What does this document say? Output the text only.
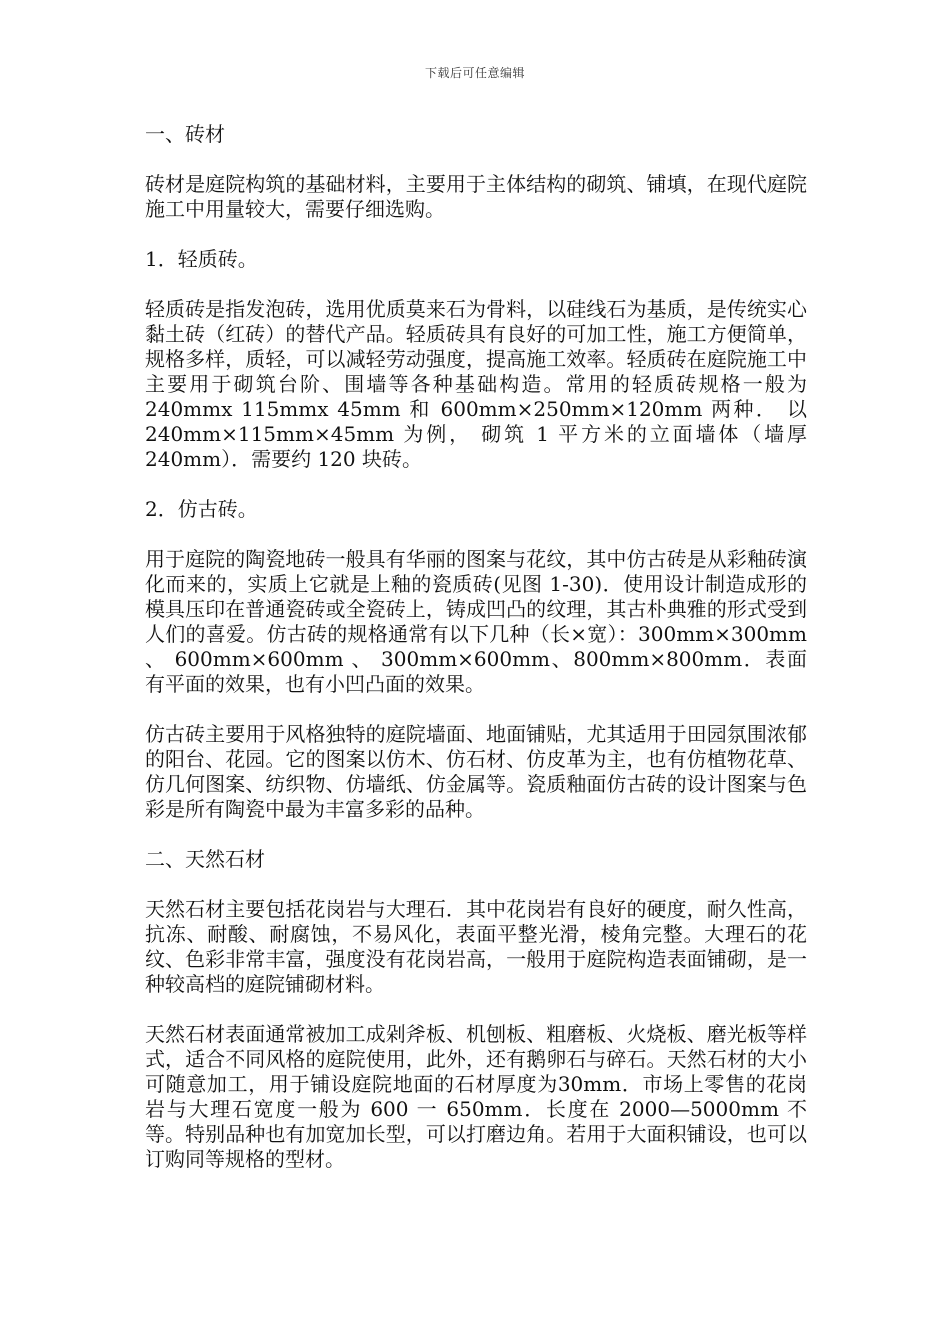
下载后可任意编辑
一、砖材
砖材是庭院构筑的基础材料，主要用于主体结构的砌筑、铺填，在现代庭院施工中用量较大，需要仔细选购。
1．轻质砖。
轻质砖是指发泡砖，选用优质莫来石为骨料，以硅线石为基质，是传统实心黏土砖（红砖）的替代产品。轻质砖具有良好的可加工性，施工方便简单，规格多样，质轻，可以减轻劳动强度，提高施工效率。轻质砖在庭院施工中主要用于砌筑台阶、围墙等各种基础构造。常用的轻质砖规格一般为 240mmx 115mmx 45mm 和 600mm×250mm×120mm 两种． 以 240mm×115mm×45mm 为例， 砌筑 1 平方米的立面墙体（墙厚 240mm）．需要约 120 块砖。
2．仿古砖。
用于庭院的陶瓷地砖一般具有华丽的图案与花纹，其中仿古砖是从彩釉砖演化而来的，实质上它就是上釉的瓷质砖(见图 1-30)．使用设计制造成形的模具压印在普通瓷砖或全瓷砖上，铸成凹凸的纹理，其古朴典雅的形式受到人们的喜爱。仿古砖的规格通常有以下几种（长×宽）：300mm×300mm 、 600mm×600mm 、 300mm×600mm、800mm×800mm．表面有平面的效果，也有小凹凸面的效果。
仿古砖主要用于风格独特的庭院墙面、地面铺贴，尤其适用于田园氛围浓郁的阳台、花园。它的图案以仿木、仿石材、仿皮革为主，也有仿植物花草、仿几何图案、纺织物、仿墙纸、仿金属等。瓷质釉面仿古砖的设计图案与色彩是所有陶瓷中最为丰富多彩的品种。
二、天然石材
天然石材主要包括花岗岩与大理石．其中花岗岩有良好的硬度，耐久性高，抗冻、耐酸、耐腐蚀，不易风化，表面平整光滑，棱角完整。大理石的花纹、色彩非常丰富，强度没有花岗岩高，一般用于庭院构造表面铺砌，是一种较高档的庭院铺砌材料。
天然石材表面通常被加工成剁斧板、机刨板、粗磨板、火烧板、磨光板等样式，适合不同风格的庭院使用，此外，还有鹅卵石与碎石。天然石材的大小可随意加工，用于铺设庭院地面的石材厚度为30mm．市场上零售的花岗岩与大理石宽度一般为 600 一 650mm．长度在 2000—5000mm 不等。特别品种也有加宽加长型，可以打磨边角。若用于大面积铺设，也可以订购同等规格的型材。
